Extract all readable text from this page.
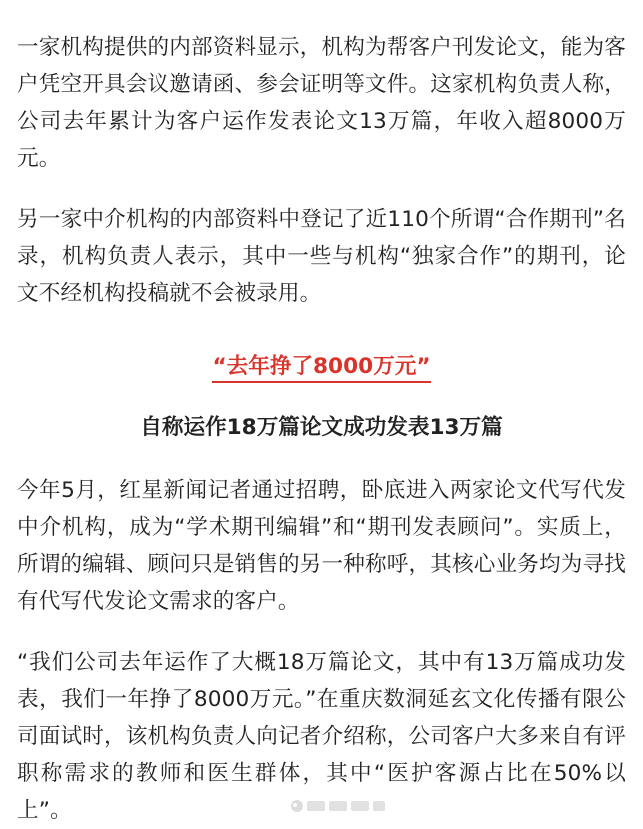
一家机构提供的内部资料显示，机构为帮客户刊发论文，能为客户凭空开具会议邀请函、参会证明等文件。这家机构负责人称，公司去年累计为客户运作发表论文13万篇，年收入超8000万元。

另一家中介机构的内部资料中登记了近110个所谓“合作期刊”名录，机构负责人表示，其中一些与机构“独家合作”的期刊，论文不经机构投稿就不会被录用。

“去年挣了8000万元”

自称运作18万篇论文成功发表13万篇

今年5月，红星新闻记者通过招聘，卧底进入两家论文代写代发中介机构，成为“学术期刊编辑”和“期刊发表顾问”。实质上，所谓的编辑、顾问只是销售的另一种称呼，其核心业务均为寻找有代写代发论文需求的客户。

“我们公司去年运作了大概18万篇论文，其中有13万篇成功发表，我们一年挣了8000万元。”在重庆数洞延玄文化传播有限公司面试时，该机构负责人向记者介绍称，公司客户大多来自有评职称需求的教师和医生群体，其中“医护客源占比在50%以上”。
